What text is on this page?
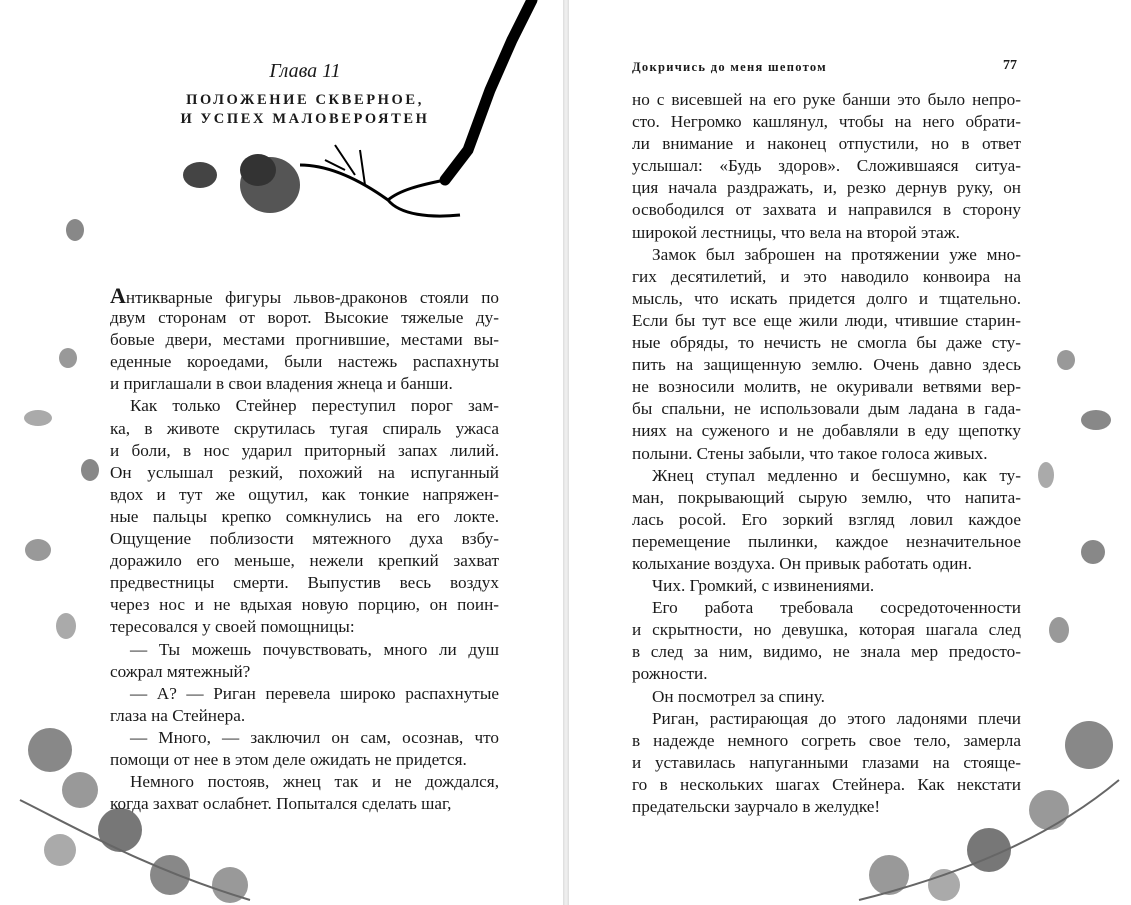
Глава 11
ПОЛОЖЕНИЕ СКВЕРНОЕ,
И УСПЕХ МАЛОВЕРОЯТЕН
Антикварные фигуры львов-драконов стояли по
двум сторонам от ворот. Высокие тяжелые ду-
бовые двери, местами прогнившие, местами вы-
еденные короедами, были настежь распахнуты
и приглашали в свои владения жнеца и банши.
Как только Стейнер переступил порог зам-
ка, в животе скрутилась тугая спираль ужаса
и боли, в нос ударил приторный запах лилий.
Он услышал резкий, похожий на испуганный
вдох и тут же ощутил, как тонкие напряжен-
ные пальцы крепко сомкнулись на его локте.
Ощущение поблизости мятежного духа взбу-
доражило его меньше, нежели крепкий захват
предвестницы смерти. Выпустив весь воздух
через нос и не вдыхая новую порцию, он поин-
тересовался у своей помощницы:
— Ты можешь почувствовать, много ли душ
сожрал мятежный?
— А? — Риган перевела широко распахнутые
глаза на Стейнера.
— Много, — заключил он сам, осознав, что
помощи от нее в этом деле ожидать не придется.
Немного постояв, жнец так и не дождался,
когда захват ослабнет. Попытался сделать шаг,
Докричись до меня шепотом	77
но с висевшей на его руке банши это было непро-
сто. Негромко кашлянул, чтобы на него обрати-
ли внимание и наконец отпустили, но в ответ
услышал: «Будь здоров». Сложившаяся ситуа-
ция начала раздражать, и, резко дернув руку, он
освободился от захвата и направился в сторону
широкой лестницы, что вела на второй этаж.
Замок был заброшен на протяжении уже мно-
гих десятилетий, и это наводило конвоира на
мысль, что искать придется долго и тщательно.
Если бы тут все еще жили люди, чтившие старин-
ные обряды, то нечисть не смогла бы даже сту-
пить на защищенную землю. Очень давно здесь
не возносили молитв, не окуривали ветвями вер-
бы спальни, не использовали дым ладана в гада-
ниях на суженого и не добавляли в еду щепотку
полыни. Стены забыли, что такое голоса живых.
Жнец ступал медленно и бесшумно, как ту-
ман, покрывающий сырую землю, что напита-
лась росой. Его зоркий взгляд ловил каждое
перемещение пылинки, каждое незначительное
колыхание воздуха. Он привык работать один.
Чих. Громкий, с извинениями.
Его работа требовала сосредоточенности
и скрытности, но девушка, которая шагала след
в след за ним, видимо, не знала мер предосто-
рожности.
Он посмотрел за спину.
Риган, растирающая до этого ладонями плечи
в надежде немного согреть свое тело, замерла
и уставилась напуганными глазами на стояще-
го в нескольких шагах Стейнера. Как некстати
предательски заурчало в желудке!
